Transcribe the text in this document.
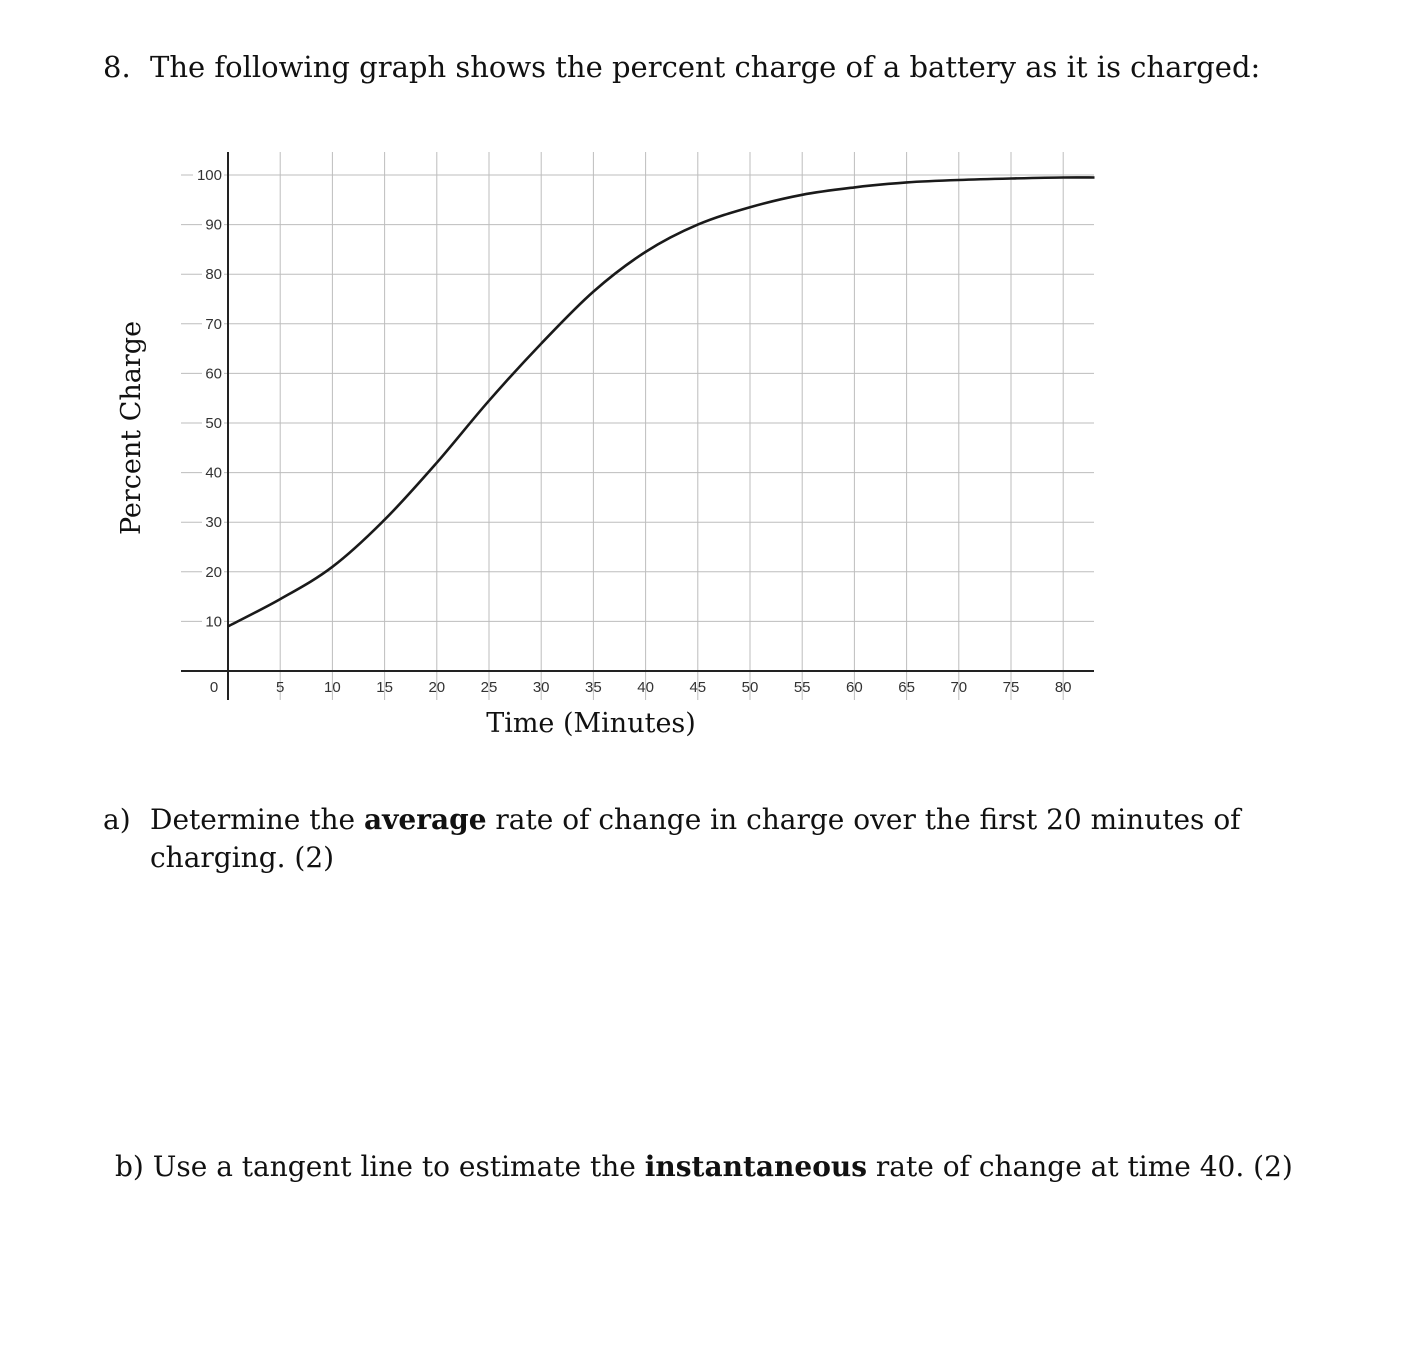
8. The following graph shows the percent charge of a battery as it is charged:
0	5	10 15 20 25 30 35 40 45 50 55 60 65 70 75 80
10
20
30
40
50
60
70
80
90
100
Time (Minutes)
Percent Charge
a) Determine the average rate of change in charge over the first 20 minutes of
charging. (2)
b) Use a tangent line to estimate the instantaneous rate of change at time 40. (2)
